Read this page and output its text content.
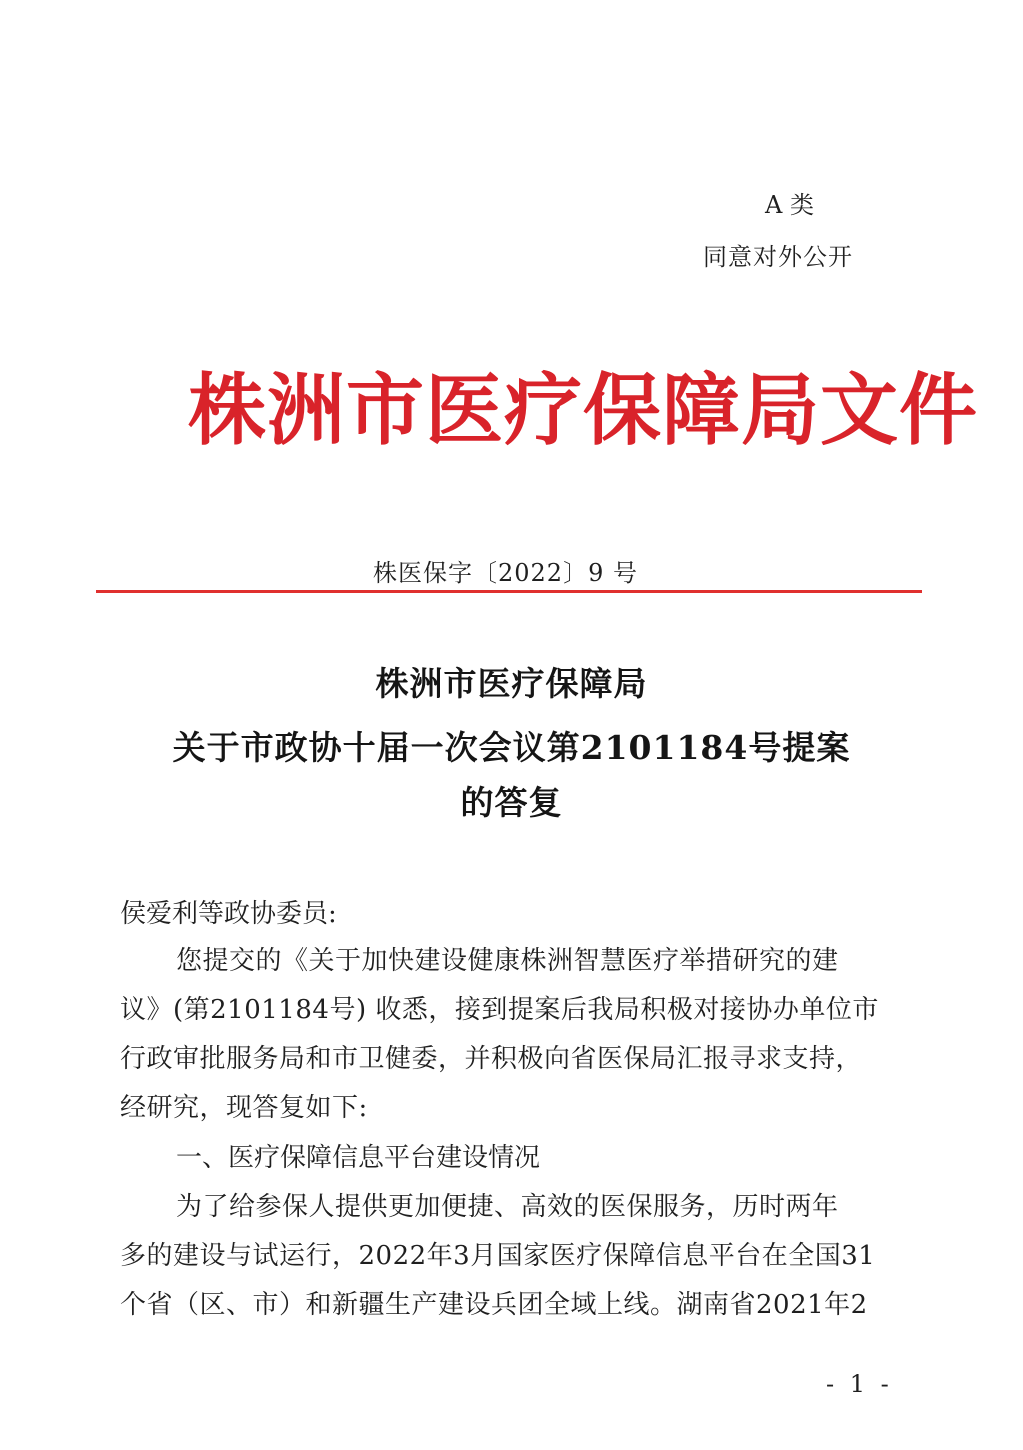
A 类
同意对外公开
株洲市医疗保障局文件
株医保字〔2022〕9 号
株洲市医疗保障局
关于市政协十届一次会议第2101184号提案
的答复
侯爱利等政协委员:
您提交的《关于加快建设健康株洲智慧医疗举措研究的建
议》(第2101184号) 收悉，接到提案后我局积极对接协办单位市
行政审批服务局和市卫健委，并积极向省医保局汇报寻求支持，
经研究，现答复如下:
一、医疗保障信息平台建设情况
为了给参保人提供更加便捷、高效的医保服务，历时两年
多的建设与试运行，2022年3月国家医疗保障信息平台在全国31
个省（区、市）和新疆生产建设兵团全域上线。湖南省2021年2
- 1 -
